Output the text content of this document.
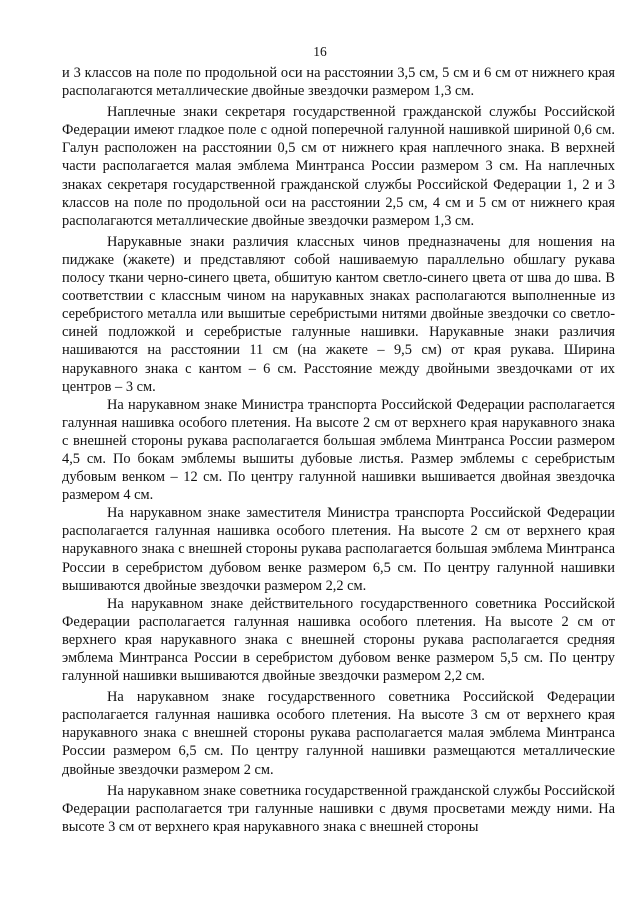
16

и 3 классов на поле по продольной оси на расстоянии 3,5 см, 5 см и 6 см от нижнего края располагаются металлические двойные звездочки размером 1,3 см.

Наплечные знаки секретаря государственной гражданской службы Российской Федерации имеют гладкое поле с одной поперечной галунной нашивкой шириной 0,6 см. Галун расположен на расстоянии 0,5 см от нижнего края наплечного знака. В верхней части располагается малая эмблема Минтранса России размером 3 см. На наплечных знаках секретаря государственной гражданской службы Российской Федерации 1, 2 и 3 классов на поле по продольной оси на расстоянии 2,5 см, 4 см и 5 см от нижнего края располагаются металлические двойные звездочки размером 1,3 см.

Нарукавные знаки различия классных чинов предназначены для ношения на пиджаке (жакете) и представляют собой нашиваемую параллельно обшлагу рукава полосу ткани черно-синего цвета, обшитую кантом светло-синего цвета от шва до шва. В соответствии с классным чином на нарукавных знаках располагаются выполненные из серебристого металла или вышитые серебристыми нитями двойные звездочки со светло-синей подложкой и серебристые галунные нашивки. Нарукавные знаки различия нашиваются на расстоянии 11 см (на жакете – 9,5 см) от края рукава. Ширина нарукавного знака с кантом – 6 см. Расстояние между двойными звездочками от их центров – 3 см.

На нарукавном знаке Министра транспорта Российской Федерации располагается галунная нашивка особого плетения. На высоте 2 см от верхнего края нарукавного знака с внешней стороны рукава располагается большая эмблема Минтранса России размером 4,5 см. По бокам эмблемы вышиты дубовые листья. Размер эмблемы с серебристым дубовым венком – 12 см. По центру галунной нашивки вышивается двойная звездочка размером 4 см.

На нарукавном знаке заместителя Министра транспорта Российской Федерации располагается галунная нашивка особого плетения. На высоте 2 см от верхнего края нарукавного знака с внешней стороны рукава располагается большая эмблема Минтранса России в серебристом дубовом венке размером 6,5 см. По центру галунной нашивки вышиваются двойные звездочки размером 2,2 см.

На нарукавном знаке действительного государственного советника Российской Федерации располагается галунная нашивка особого плетения. На высоте 2 см от верхнего края нарукавного знака с внешней стороны рукава располагается средняя эмблема Минтранса России в серебристом дубовом венке размером 5,5 см. По центру галунной нашивки вышиваются двойные звездочки размером 2,2 см.

На нарукавном знаке государственного советника Российской Федерации располагается галунная нашивка особого плетения. На высоте 3 см от верхнего края нарукавного знака с внешней стороны рукава располагается малая эмблема Минтранса России размером 6,5 см. По центру галунной нашивки размещаются металлические двойные звездочки размером 2 см.

На нарукавном знаке советника государственной гражданской службы Российской Федерации располагается три галунные нашивки с двумя просветами между ними. На высоте 3 см от верхнего края нарукавного знака с внешней стороны
